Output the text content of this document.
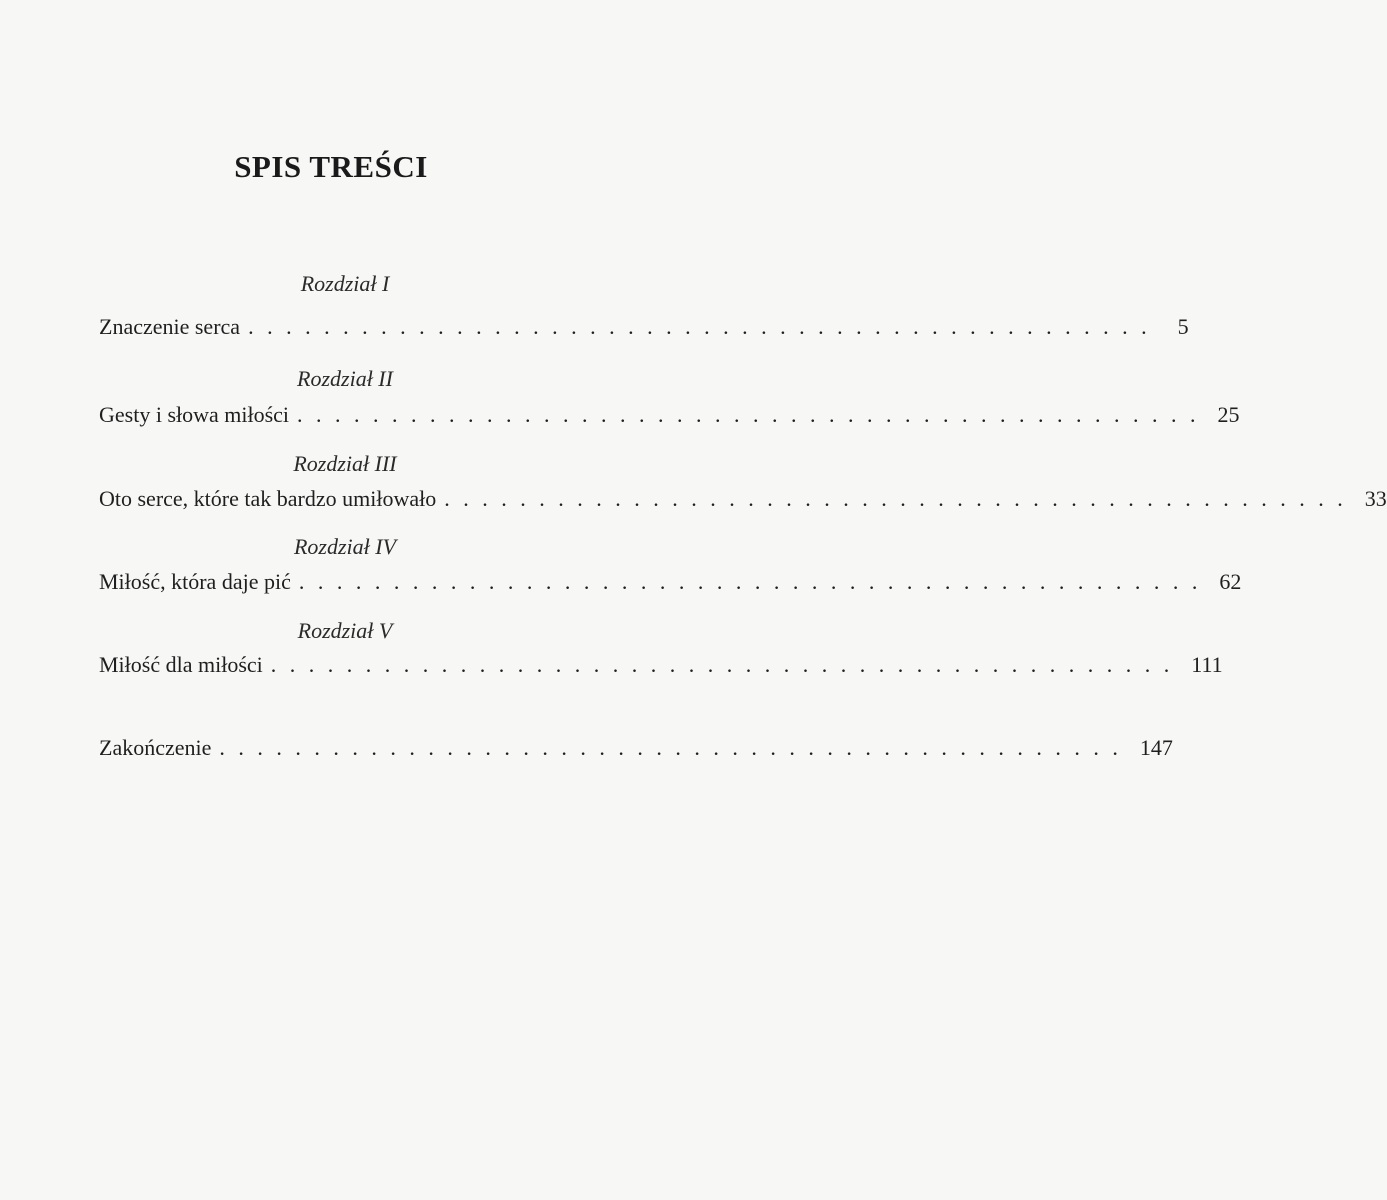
SPIS TREŚCI
Rozdział I
Znaczenie serca . . . . . . . . . . . . . . . . . . . . . . . . . . . . . . . . . . . . . . . . . . . . . . . .	5
Rozdział II
Gesty i słowa miłości . . . . . . . . . . . . . . . . . . . . . . . . . . . . . . . . . . . . . . . . . . . . . . . . 25
Rozdział III
Oto serce, które tak bardzo umiłowało . . . . . . . . . . . . . . . . . . . . . . . . . . . . . . . . . . . . . . . . . . . . . . . . 33
Rozdział IV
Miłość, która daje pić . . . . . . . . . . . . . . . . . . . . . . . . . . . . . . . . . . . . . . . . . . . . . . . . 62
Rozdział V
Miłość dla miłości . . . . . . . . . . . . . . . . . . . . . . . . . . . . . . . . . . . . . . . . . . . . . . . . 111
Zakończenie . . . . . . . . . . . . . . . . . . . . . . . . . . . . . . . . . . . . . . . . . . . . . . . . 147
